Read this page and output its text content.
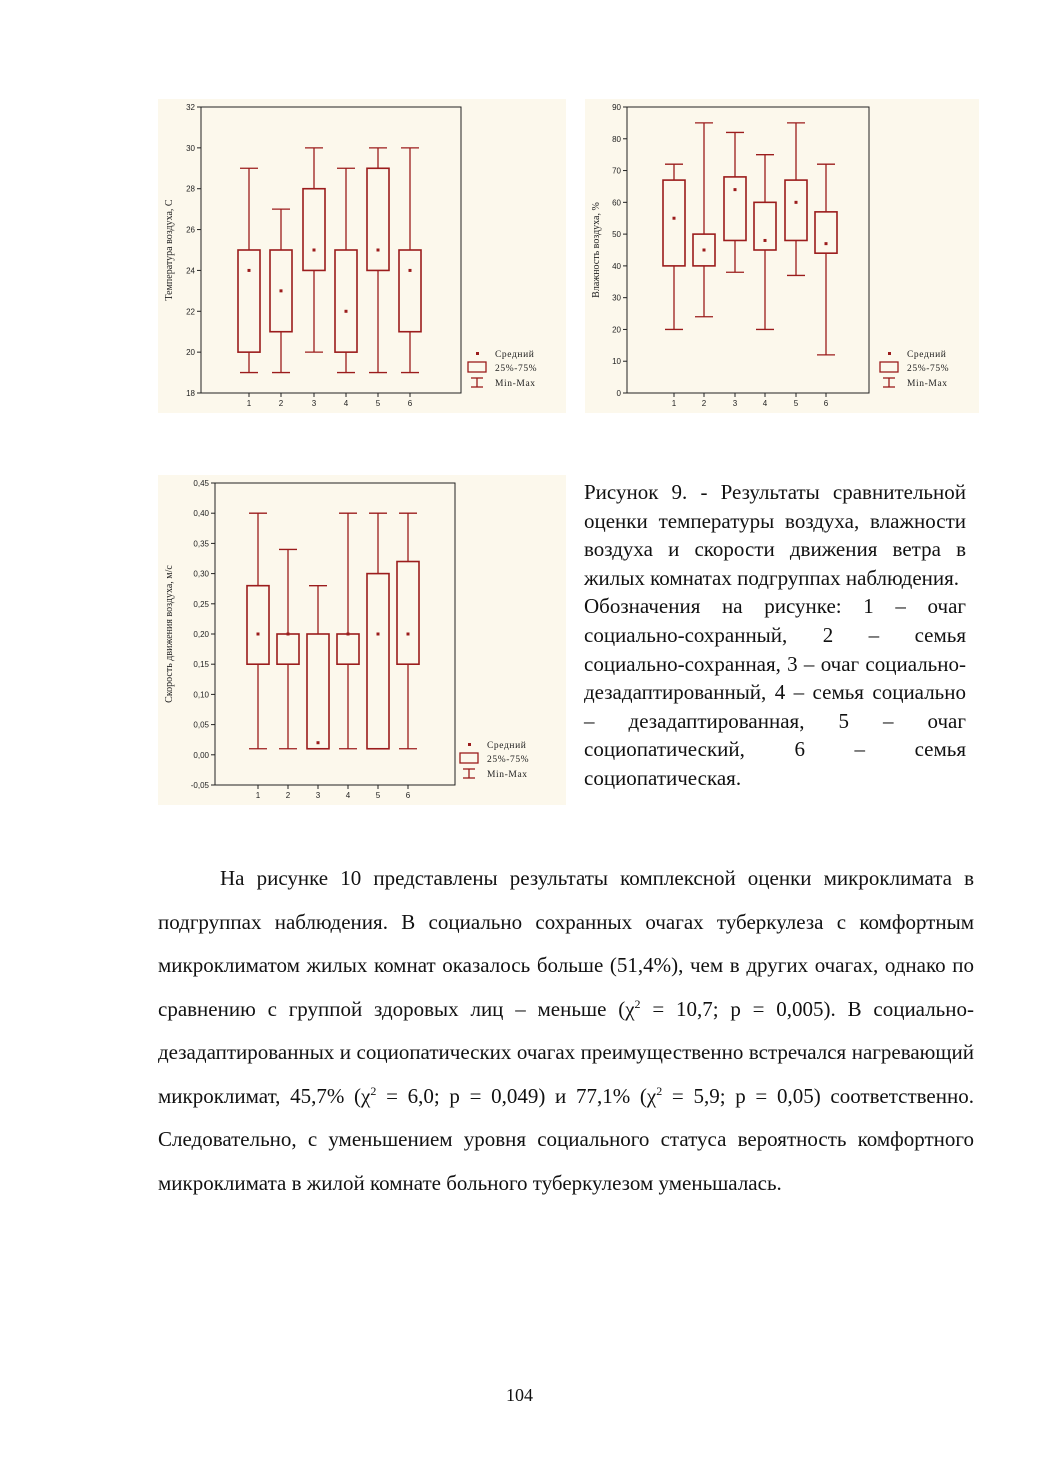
18
20
22
24
26
28
30
32
Температура воздуха, С
1	2	3	4	5	6
Средний
25%-75%
Min-Max
0
10
20
30
40
50
60
70
80
90
Влажность воздуха, %
1	2	3	4	5	6
Средний
25%-75%
Min-Max
-0,05
0,00
0,05
0,10
0,15
0,20
0,25
0,30
0,35
0,40
0,45
Скорость движения воздуха, м/с
1	2	3	4	5	6
Средний
25%-75%
Min-Max

Рисунок 9. - Результаты сравнительной оценки температуры воздуха, влажности воздуха и скорости движения ветра в жилых комнатах подгруппах наблюдения.

Обозначения на рисунке: 1 – очаг социально-сохранный, 2 – семья социально-сохранная, 3 – очаг социально-дезадаптированный, 4 – семья социально – дезадаптированная, 5 – очаг социопатический, 6 – семья социопатическая.

На рисунке 10 представлены результаты комплексной оценки микроклимата в подгруппах наблюдения. В социально сохранных очагах туберкулеза с комфортным микроклиматом жилых комнат оказалось больше (51,4%), чем в других очагах, однако по сравнению с группой здоровых лиц – меньше ($\chi^2 = 10,7$; р = 0,005). В социально-дезадаптированных и социопатических очагах преимущественно встречался нагревающий микроклимат, 45,7% ($\chi^2 = 6,0$; р = 0,049) и 77,1% ($\chi^2 = 5,9$; р = 0,05) соответственно. Следовательно, с уменьшением уровня социального статуса вероятность комфортного микроклимата в жилой комнате больного туберкулезом уменьшалась.

104
